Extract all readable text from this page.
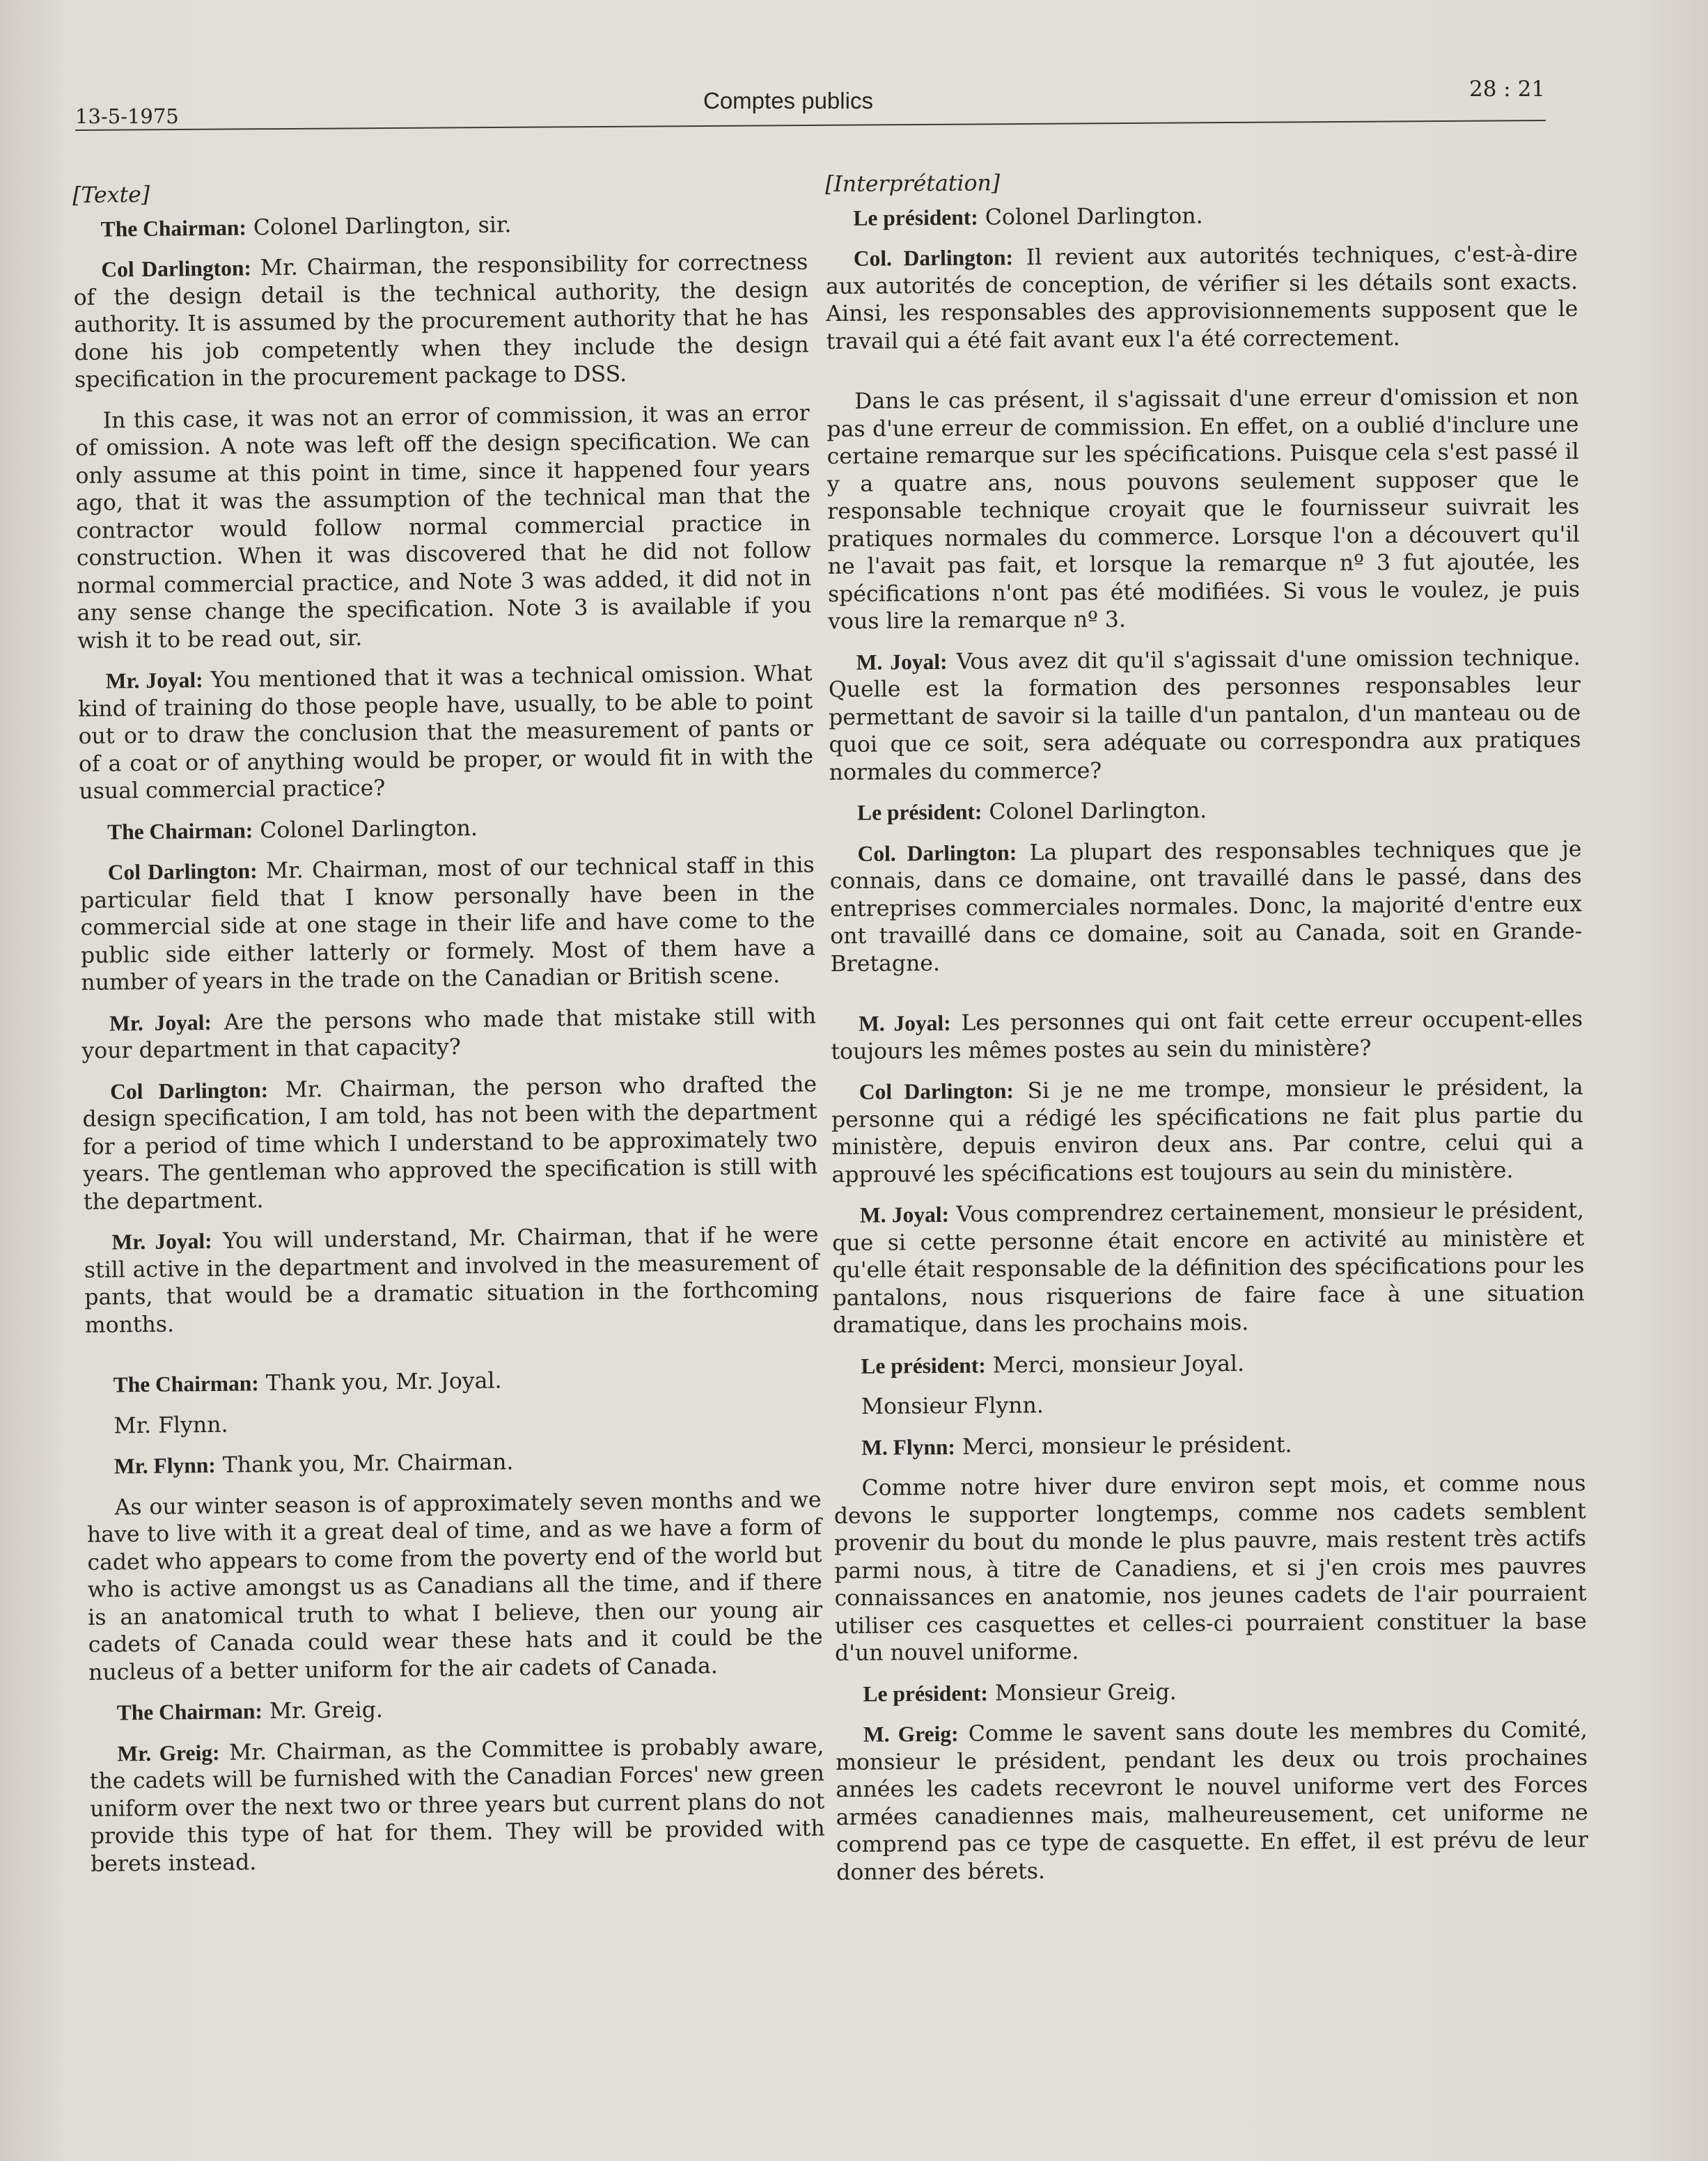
13-5-1975
Comptes publics	28 : 21

[Texte]

The Chairman: Colonel Darlington, sir.

Col Darlington: Mr. Chairman, the responsibility for correctness of the design detail is the technical authority, the design authority. It is assumed by the procurement authority that he has done his job competently when they include the design specification in the procurement package to DSS.

In this case, it was not an error of commission, it was an error of omission. A note was left off the design specification. We can only assume at this point in time, since it happened four years ago, that it was the assumption of the technical man that the contractor would follow normal commercial practice in construction. When it was discovered that he did not follow normal commercial practice, and Note 3 was added, it did not in any sense change the specification. Note 3 is available if you wish it to be read out, sir.

Mr. Joyal: You mentioned that it was a technical omission. What kind of training do those people have, usually, to be able to point out or to draw the conclusion that the measurement of pants or of a coat or of anything would be proper, or would fit in with the usual commercial practice?

The Chairman: Colonel Darlington.

Col Darlington: Mr. Chairman, most of our technical staff in this particular field that I know personally have been in the commercial side at one stage in their life and have come to the public side either latterly or formely. Most of them have a number of years in the trade on the Canadian or British scene.

Mr. Joyal: Are the persons who made that mistake still with your department in that capacity?

Col Darlington: Mr. Chairman, the person who drafted the design specification, I am told, has not been with the department for a period of time which I understand to be approximately two years. The gentleman who approved the specification is still with the department.

Mr. Joyal: You will understand, Mr. Chairman, that if he were still active in the department and involved in the measurement of pants, that would be a dramatic situation in the forthcoming months.

The Chairman: Thank you, Mr. Joyal.

Mr. Flynn.

Mr. Flynn: Thank you, Mr. Chairman.

As our winter season is of approximately seven months and we have to live with it a great deal of time, and as we have a form of cadet who appears to come from the poverty end of the world but who is active amongst us as Canadians all the time, and if there is an anatomical truth to what I believe, then our young air cadets of Canada could wear these hats and it could be the nucleus of a better uniform for the air cadets of Canada.

The Chairman: Mr. Greig.

Mr. Greig: Mr. Chairman, as the Committee is probably aware, the cadets will be furnished with the Canadian Forces' new green uniform over the next two or three years but current plans do not provide this type of hat for them. They will be provided with berets instead.

[Interprétation]

Le président: Colonel Darlington.

Col. Darlington: Il revient aux autorités techniques, c'est-à-dire aux autorités de conception, de vérifier si les détails sont exacts. Ainsi, les responsables des approvisionnements supposent que le travail qui a été fait avant eux l'a été correctement.

Dans le cas présent, il s'agissait d'une erreur d'omission et non pas d'une erreur de commission. En effet, on a oublié d'inclure une certaine remarque sur les spécifications. Puisque cela s'est passé il y a quatre ans, nous pouvons seulement supposer que le responsable technique croyait que le fournisseur suivrait les pratiques normales du commerce. Lorsque l'on a découvert qu'il ne l'avait pas fait, et lorsque la remarque nº 3 fut ajoutée, les spécifications n'ont pas été modifiées. Si vous le voulez, je puis vous lire la remarque nº 3.

M. Joyal: Vous avez dit qu'il s'agissait d'une omission technique. Quelle est la formation des personnes responsables leur permettant de savoir si la taille d'un pantalon, d'un manteau ou de quoi que ce soit, sera adéquate ou correspondra aux pratiques normales du commerce?

Le président: Colonel Darlington.

Col. Darlington: La plupart des responsables techniques que je connais, dans ce domaine, ont travaillé dans le passé, dans des entreprises commerciales normales. Donc, la majorité d'entre eux ont travaillé dans ce domaine, soit au Canada, soit en Grande-Bretagne.

M. Joyal: Les personnes qui ont fait cette erreur occupent-elles toujours les mêmes postes au sein du ministère?

Col Darlington: Si je ne me trompe, monsieur le président, la personne qui a rédigé les spécifications ne fait plus partie du ministère, depuis environ deux ans. Par contre, celui qui a approuvé les spécifications est toujours au sein du ministère.

M. Joyal: Vous comprendrez certainement, monsieur le président, que si cette personne était encore en activité au ministère et qu'elle était responsable de la définition des spécifications pour les pantalons, nous risquerions de faire face à une situation dramatique, dans les prochains mois.

Le président: Merci, monsieur Joyal.

Monsieur Flynn.

M. Flynn: Merci, monsieur le président.

Comme notre hiver dure environ sept mois, et comme nous devons le supporter longtemps, comme nos cadets semblent provenir du bout du monde le plus pauvre, mais restent très actifs parmi nous, à titre de Canadiens, et si j'en crois mes pauvres connaissances en anatomie, nos jeunes cadets de l'air pourraient utiliser ces casquettes et celles-ci pourraient constituer la base d'un nouvel uniforme.

Le président: Monsieur Greig.

M. Greig: Comme le savent sans doute les membres du Comité, monsieur le président, pendant les deux ou trois prochaines années les cadets recevront le nouvel uniforme vert des Forces armées canadiennes mais, malheureusement, cet uniforme ne comprend pas ce type de casquette. En effet, il est prévu de leur donner des bérets.
